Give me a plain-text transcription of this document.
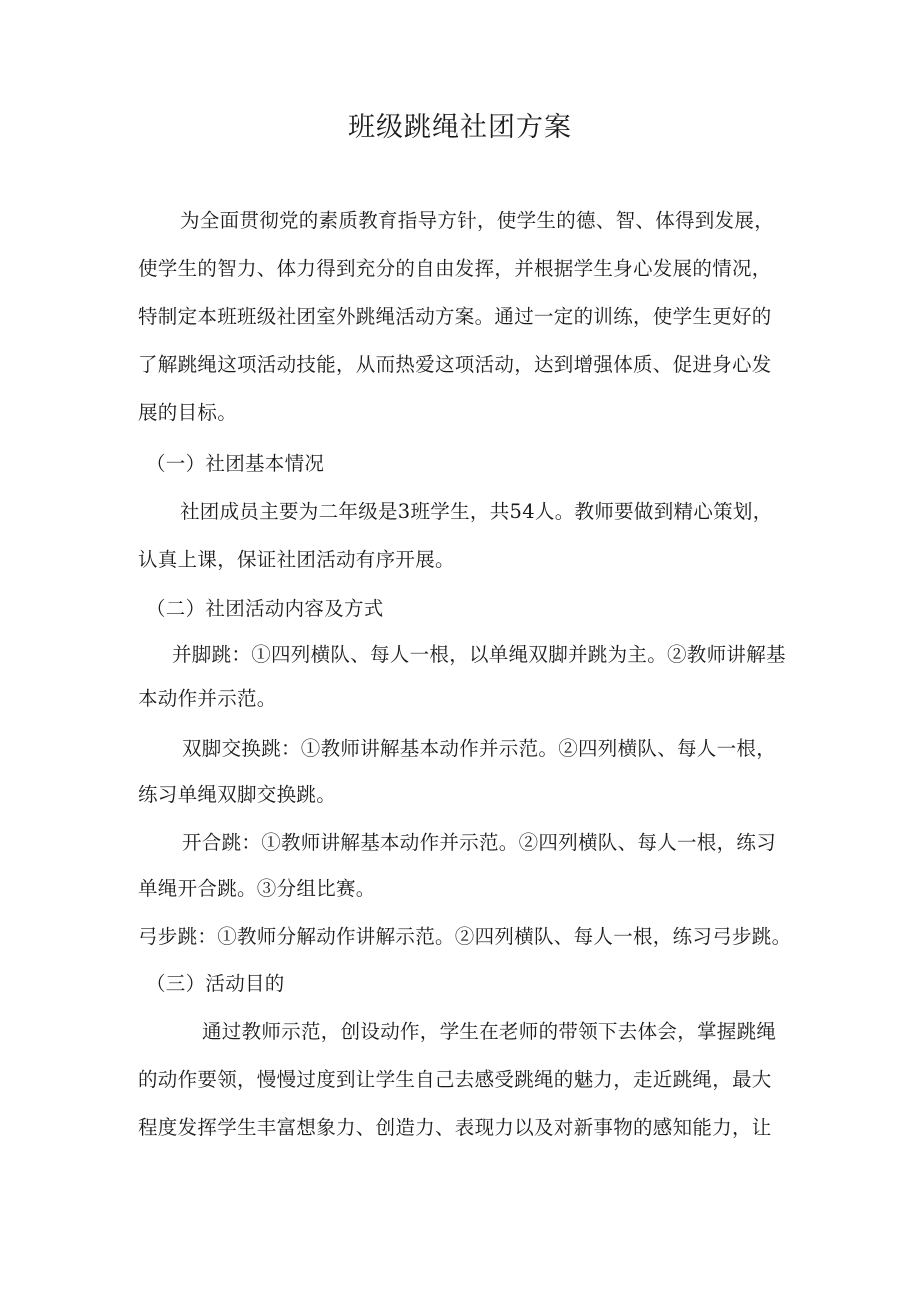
班级跳绳社团方案
为全面贯彻党的素质教育指导方针，使学生的德、智、体得到发展，
使学生的智力、体力得到充分的自由发挥，并根据学生身心发展的情况，
特制定本班班级社团室外跳绳活动方案。通过一定的训练，使学生更好的
了解跳绳这项活动技能，从而热爱这项活动，达到增强体质、促进身心发
展的目标。
（一）社团基本情况
社团成员主要为二年级是3班学生，共54人。教师要做到精心策划，
认真上课，保证社团活动有序开展。
（二）社团活动内容及方式
并脚跳：①四列横队、每人一根，以单绳双脚并跳为主。②教师讲解基
本动作并示范。
双脚交换跳：①教师讲解基本动作并示范。②四列横队、每人一根，
练习单绳双脚交换跳。
开合跳：①教师讲解基本动作并示范。②四列横队、每人一根，练习
单绳开合跳。③分组比赛。
弓步跳：①教师分解动作讲解示范。②四列横队、每人一根，练习弓步跳。
（三）活动目的
通过教师示范，创设动作，学生在老师的带领下去体会，掌握跳绳
的动作要领，慢慢过度到让学生自己去感受跳绳的魅力，走近跳绳，最大
程度发挥学生丰富想象力、创造力、表现力以及对新事物的感知能力，让
